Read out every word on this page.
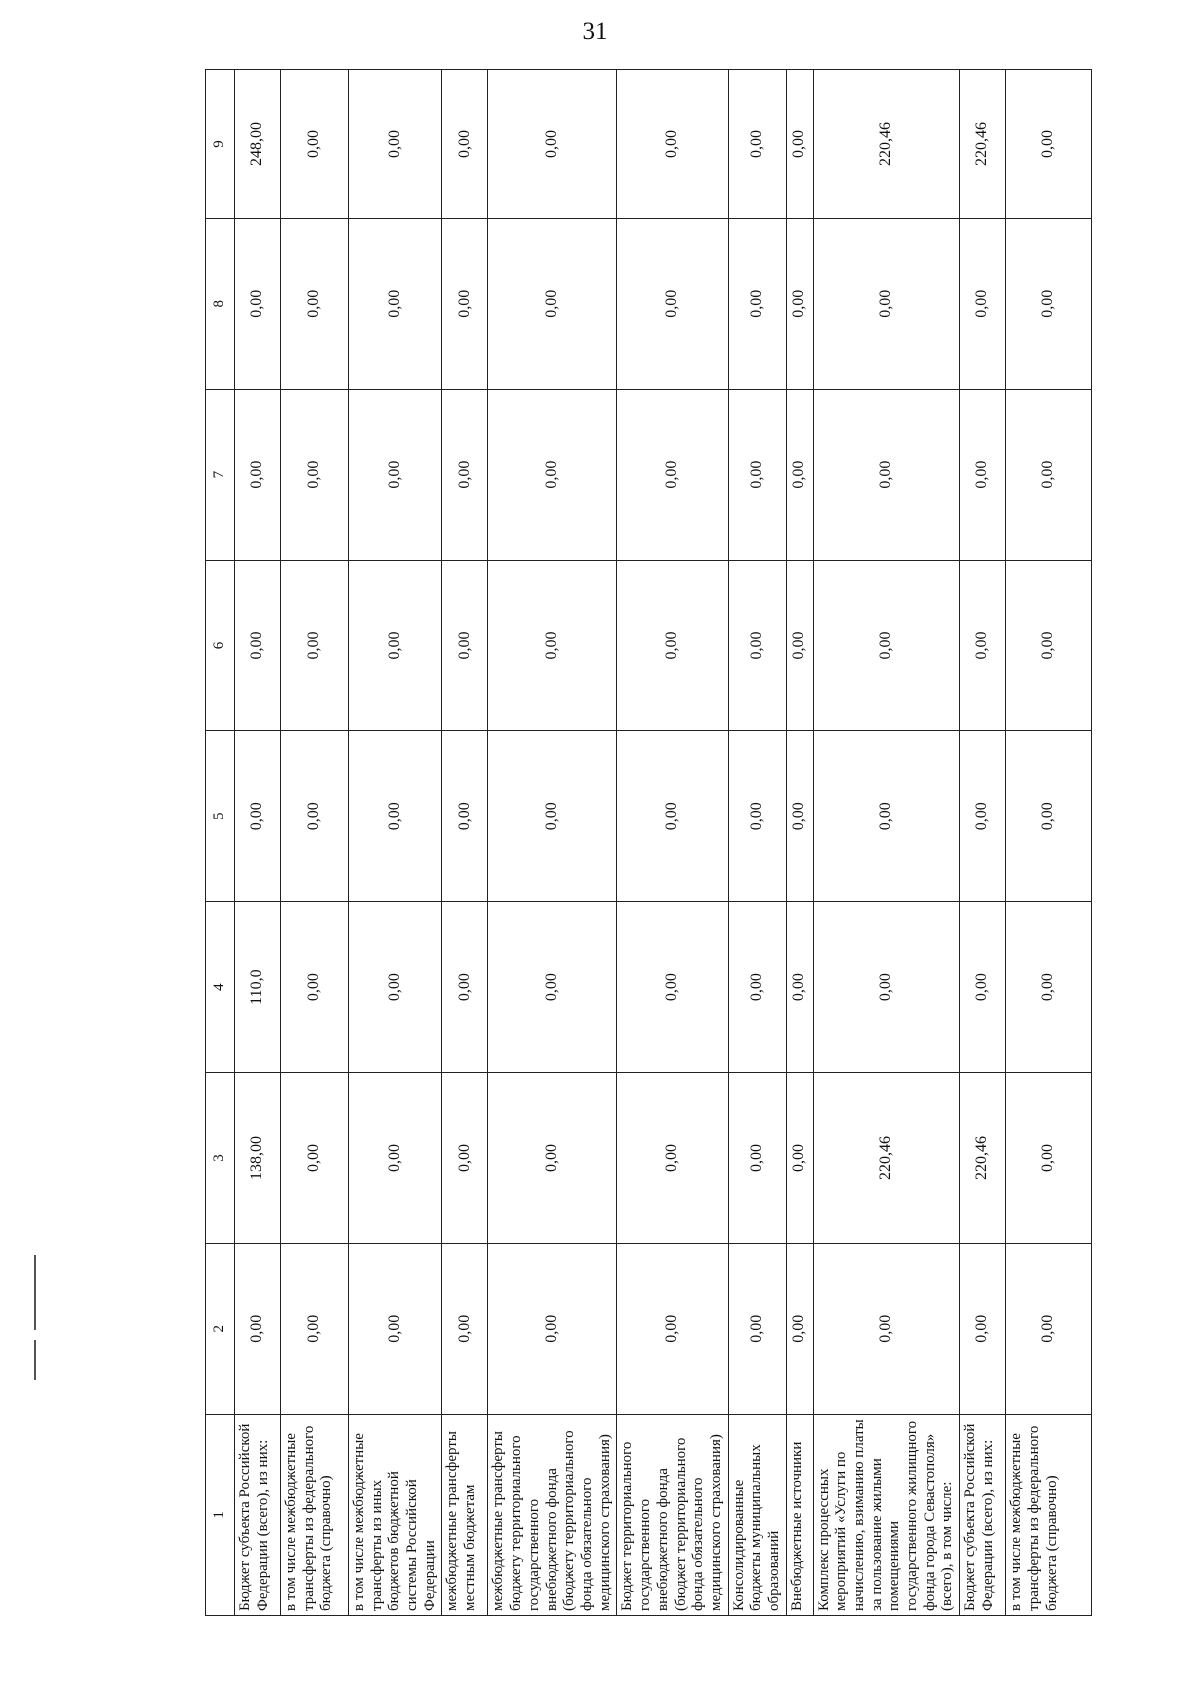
31
1	2	3	4	5	6	7	8	9
Бюджет субъекта Российской Федерации (всего), из них:	0,00	138,00	110,0	0,00	0,00	0,00	0,00	248,00
в том числе межбюджетные трансферты из федерального бюджета (справочно)	0,00	0,00	0,00	0,00	0,00	0,00	0,00	0,00
в том числе межбюджетные трансферты из иных бюджетов бюджетной системы Российской Федерации	0,00	0,00	0,00	0,00	0,00	0,00	0,00	0,00
межбюджетные трансферты местным бюджетам	0,00	0,00	0,00	0,00	0,00	0,00	0,00	0,00
межбюджетные трансферты бюджету территориального государственного внебюджетного фонда (бюджету территориального фонда обязательного медицинского страхования)	0,00	0,00	0,00	0,00	0,00	0,00	0,00	0,00
Бюджет территориального государственного внебюджетного фонда (бюджет территориального фонда обязательного медицинского страхования)	0,00	0,00	0,00	0,00	0,00	0,00	0,00	0,00
Консолидированные бюджеты муниципальных образований	0,00	0,00	0,00	0,00	0,00	0,00	0,00	0,00
Внебюджетные источники	0,00	0,00	0,00	0,00	0,00	0,00	0,00	0,00
Комплекс процессных мероприятий «Услуги по начислению, взиманию платы за пользование жилыми помещениями государственного жилищного фонда города Севастополя» (всего), в том числе:	0,00	220,46	0,00	0,00	0,00	0,00	0,00	220,46
Бюджет субъекта Российской Федерации (всего), из них:	0,00	220,46	0,00	0,00	0,00	0,00	0,00	220,46
в том числе межбюджетные трансферты из федерального бюджета (справочно)	0,00	0,00	0,00	0,00	0,00	0,00	0,00	0,00
